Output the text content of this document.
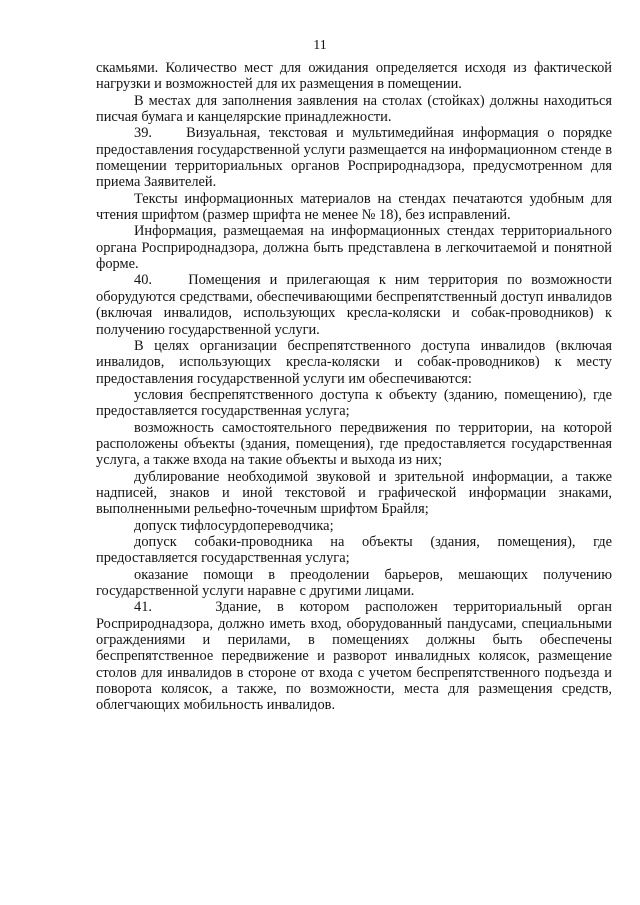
11

скамьями. Количество мест для ожидания определяется исходя из фактической нагрузки и возможностей для их размещения в помещении.

В местах для заполнения заявления на столах (стойках) должны находиться писчая бумага и канцелярские принадлежности.

39.    Визуальная, текстовая и мультимедийная информация о порядке предоставления государственной услуги размещается на информационном стенде в помещении территориальных органов Росприроднадзора, предусмотренном для приема Заявителей.

Тексты информационных материалов на стендах печатаются удобным для чтения шрифтом (размер шрифта не менее № 18), без исправлений.

Информация, размещаемая на информационных стендах территориального органа Росприроднадзора, должна быть представлена в легкочитаемой и понятной форме.

40.    Помещения и прилегающая к ним территория по возможности оборудуются средствами, обеспечивающими беспрепятственный доступ инвалидов (включая инвалидов, использующих кресла-коляски и собак-проводников) к получению государственной услуги.

В целях организации беспрепятственного доступа инвалидов (включая инвалидов, использующих кресла-коляски и собак-проводников) к месту предоставления государственной услуги им обеспечиваются:

условия беспрепятственного доступа к объекту (зданию, помещению), где предоставляется государственная услуга;

возможность самостоятельного передвижения по территории, на которой расположены объекты (здания, помещения), где предоставляется государственная услуга, а также входа на такие объекты и выхода из них;

дублирование необходимой звуковой и зрительной информации, а также надписей, знаков и иной текстовой и графической информации знаками, выполненными рельефно-точечным шрифтом Брайля;

допуск тифлосурдопереводчика;

допуск собаки-проводника на объекты (здания, помещения), где предоставляется государственная услуга;

оказание помощи в преодолении барьеров, мешающих получению государственной услуги наравне с другими лицами.

41.    Здание, в котором расположен территориальный орган Росприроднадзора, должно иметь вход, оборудованный пандусами, специальными ограждениями и перилами, в помещениях должны быть обеспечены беспрепятственное передвижение и разворот инвалидных колясок, размещение столов для инвалидов в стороне от входа с учетом беспрепятственного подъезда и поворота колясок, а также, по возможности, места для размещения средств, облегчающих мобильность инвалидов.
